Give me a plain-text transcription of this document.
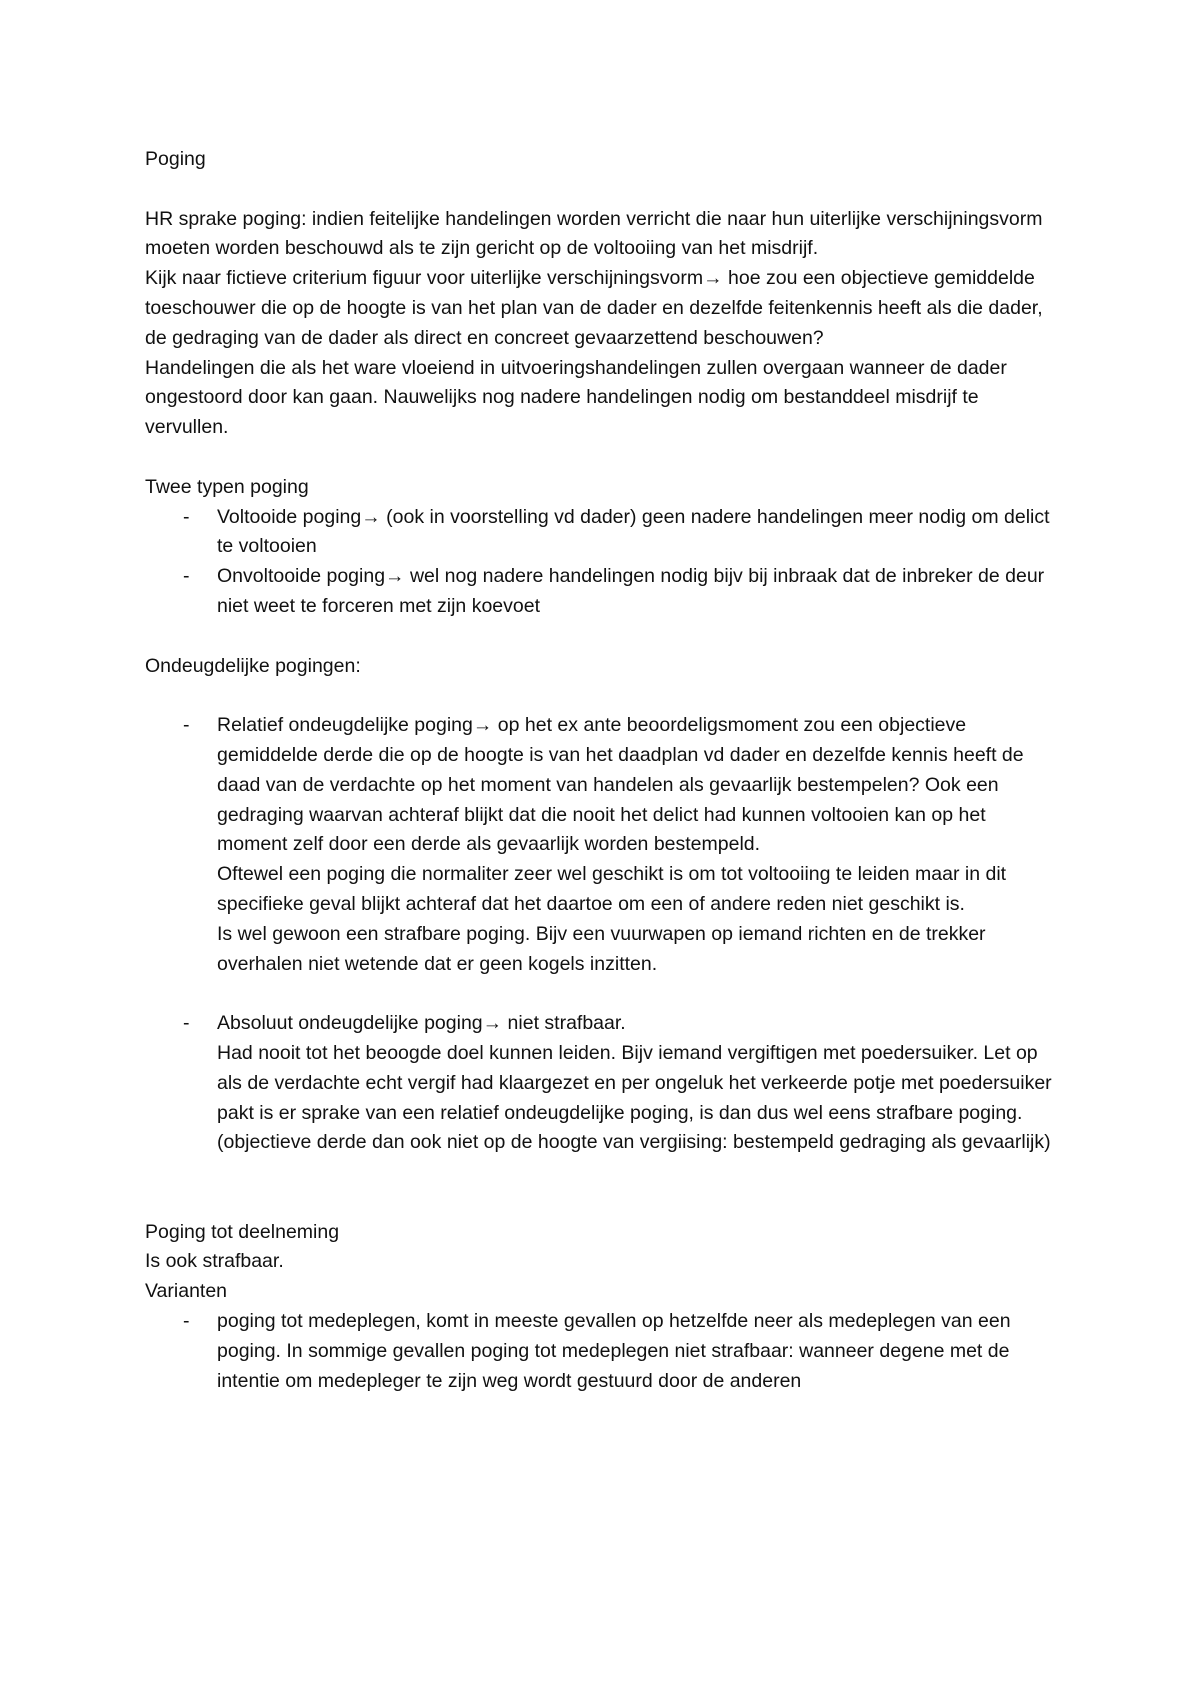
Poging

HR sprake poging: indien feitelijke handelingen worden verricht die naar hun uiterlijke verschijningsvorm moeten worden beschouwd als te zijn gericht op de voltooiing van het misdrijf.

Kijk naar fictieve criterium figuur voor uiterlijke verschijningsvorm→ hoe zou een objectieve gemiddelde toeschouwer die op de hoogte is van het plan van de dader en dezelfde feitenkennis heeft als die dader, de gedraging van de dader als direct en concreet gevaarzettend beschouwen?

Handelingen die als het ware vloeiend in uitvoeringshandelingen zullen overgaan wanneer de dader ongestoord door kan gaan. Nauwelijks nog nadere handelingen nodig om bestanddeel misdrijf te vervullen.

Twee typen poging

- Voltooide poging→ (ook in voorstelling vd dader) geen nadere handelingen meer nodig om delict te voltooien
- Onvoltooide poging→ wel nog nadere handelingen nodig bijv bij inbraak dat de inbreker de deur niet weet te forceren met zijn koevoet

Ondeugdelijke pogingen:

- Relatief ondeugdelijke poging→ op het ex ante beoordeligsmoment zou een objectieve gemiddelde derde die op de hoogte is van het daadplan vd dader en dezelfde kennis heeft de daad van de verdachte op het moment van handelen als gevaarlijk bestempelen? Ook een gedraging waarvan achteraf blijkt dat die nooit het delict had kunnen voltooien kan op het moment zelf door een derde als gevaarlijk worden bestempeld.
Oftewel een poging die normaliter zeer wel geschikt is om tot voltooiing te leiden maar in dit specifieke geval blijkt achteraf dat het daartoe om een of andere reden niet geschikt is.
Is wel gewoon een strafbare poging. Bijv een vuurwapen op iemand richten en de trekker overhalen niet wetende dat er geen kogels inzitten.
- Absoluut ondeugdelijke poging→ niet strafbaar.
Had nooit tot het beoogde doel kunnen leiden. Bijv iemand vergiftigen met poedersuiker. Let op als de verdachte echt vergif had klaargezet en per ongeluk het verkeerde potje met poedersuiker pakt is er sprake van een relatief ondeugdelijke poging, is dan dus wel eens strafbare poging. (objectieve derde dan ook niet op de hoogte van vergiising: bestempeld gedraging als gevaarlijk)

Poging tot deelneming

Is ook strafbaar.

Varianten

- poging tot medeplegen, komt in meeste gevallen op hetzelfde neer als medeplegen van een poging. In sommige gevallen poging tot medeplegen niet strafbaar: wanneer degene met de intentie om medepleger te zijn weg wordt gestuurd door de anderen
